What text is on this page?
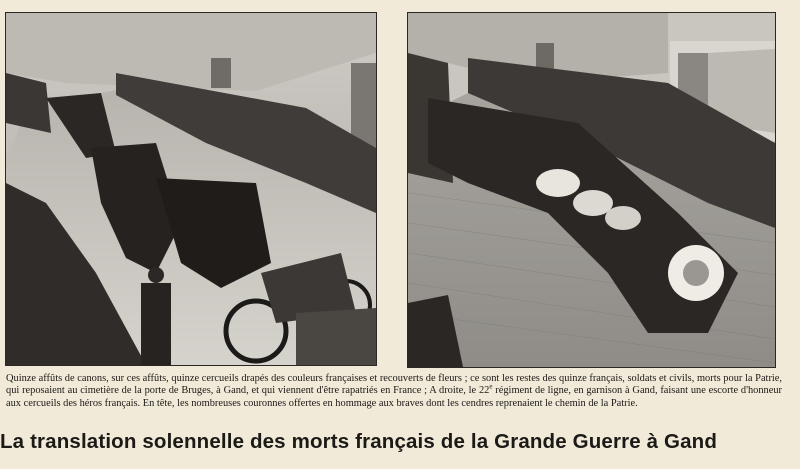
Quinze affûts de canons, sur ces affûts, quinze cercueils drapés des couleurs françaises et recouverts de fleurs ; ce sont les restes des quinze français, soldats et civils, morts pour la Patrie, qui reposaient au cimetière de la porte de Bruges, à Gand, et qui viennent d'être rapatriés en France ; A droite, le 22e régiment de ligne, en garnison à Gand, faisant une escorte d'honneur aux cercueils des héros français. En tête, les nombreuses couronnes offertes en hommage aux braves dont les cendres reprenaient le chemin de la Patrie.

La translation solennelle des morts français de la Grande Guerre à Gand
